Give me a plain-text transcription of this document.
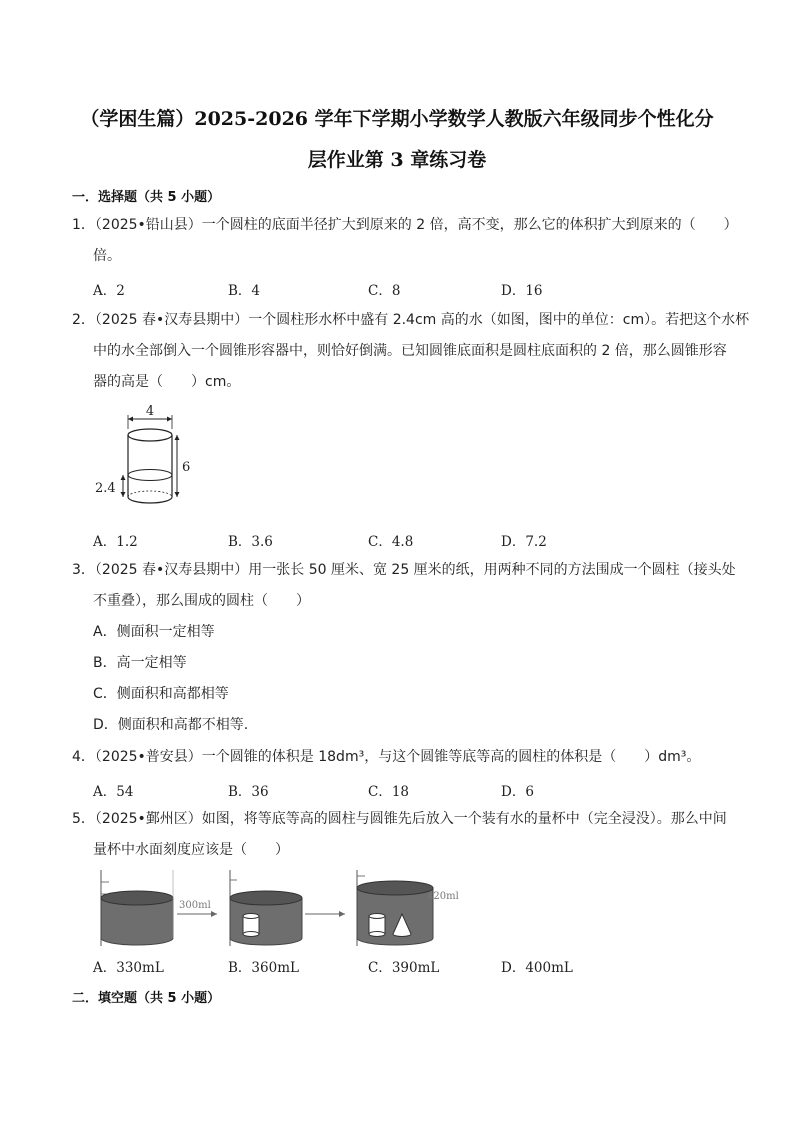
（学困生篇）2025-2026 学年下学期小学数学人教版六年级同步个性化分
层作业第 3 章练习卷
一．选择题（共 5 小题）
1．（2025•铅山县）一个圆柱的底面半径扩大到原来的 2 倍，高不变，那么它的体积扩大到原来的（　　）
倍。
A．2	B．4	C．8	D．16
2．（2025 春•汉寿县期中）一个圆柱形水杯中盛有 2.4cm 高的水（如图，图中的单位：cm）。若把这个水杯
中的水全部倒入一个圆锥形容器中，则恰好倒满。已知圆锥底面积是圆柱底面积的 2 倍，那么圆锥形容
器的高是（　　）cm。
4
6
2.4
A．1.2	B．3.6	C．4.8	D．7.2
3．（2025 春•汉寿县期中）用一张长 50 厘米、宽 25 厘米的纸，用两种不同的方法围成一个圆柱（接头处
不重叠），那么围成的圆柱（　　）
A．侧面积一定相等
B．高一定相等
C．侧面积和高都相等
D．侧面积和高都不相等.
4．（2025•普安县）一个圆锥的体积是 18dm³，与这个圆锥等底等高的圆柱的体积是（　　）dm³。
A．54	B．36	C．18	D．6
5．（2025•鄞州区）如图，将等底等高的圆柱与圆锥先后放入一个装有水的量杯中（完全浸没）。那么中间
量杯中水面刻度应该是（　　）
300ml
420ml
A．330mL	B．360mL	C．390mL	D．400mL
二．填空题（共 5 小题）
